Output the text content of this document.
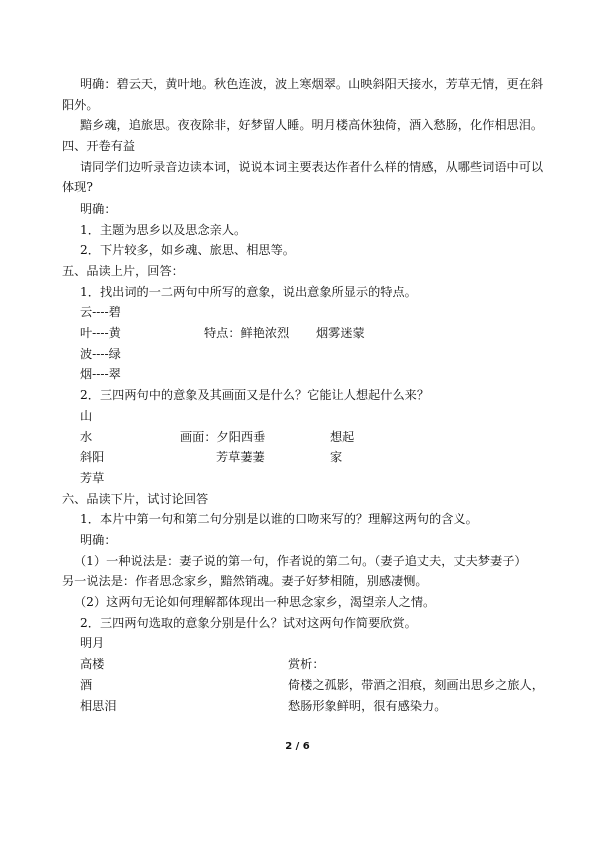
明确：碧云天，黄叶地。秋色连波，波上寒烟翠。山映斜阳天接水，芳草无情，更在斜
阳外。
黯乡魂，追旅思。夜夜除非，好梦留人睡。明月楼高休独倚，酒入愁肠，化作相思泪。
四、开卷有益
请同学们边听录音边读本词，说说本词主要表达作者什么样的情感，从哪些词语中可以
体现?
明确：
1．主题为思乡以及思念亲人。
2．下片较多，如乡魂、旅思、相思等。
五、品读上片，回答：
1．找出词的一二两句中所写的意象，说出意象所显示的特点。
云----碧
叶----黄	特点：鲜艳浓烈 烟雾迷蒙
波----绿
烟----翠
2．三四两句中的意象及其画面又是什么？它能让人想起什么来？
山
水	画面：夕阳西垂	想起
斜阳	芳草萋萋	家
芳草
六、品读下片，试讨论回答
1．本片中第一句和第二句分别是以谁的口吻来写的？理解这两句的含义。
明确：
（1）一种说法是：妻子说的第一句，作者说的第二句。（妻子追丈夫，丈夫梦妻子）
另一说法是：作者思念家乡，黯然销魂。妻子好梦相随，别感凄恻。
（2）这两句无论如何理解都体现出一种思念家乡，渴望亲人之情。
2．三四两句选取的意象分别是什么？试对这两句作简要欣赏。
明月
高楼	赏析：
酒	倚楼之孤影，带酒之泪痕，刻画出思乡之旅人，
相思泪	愁肠形象鲜明，很有感染力。
2 / 6
